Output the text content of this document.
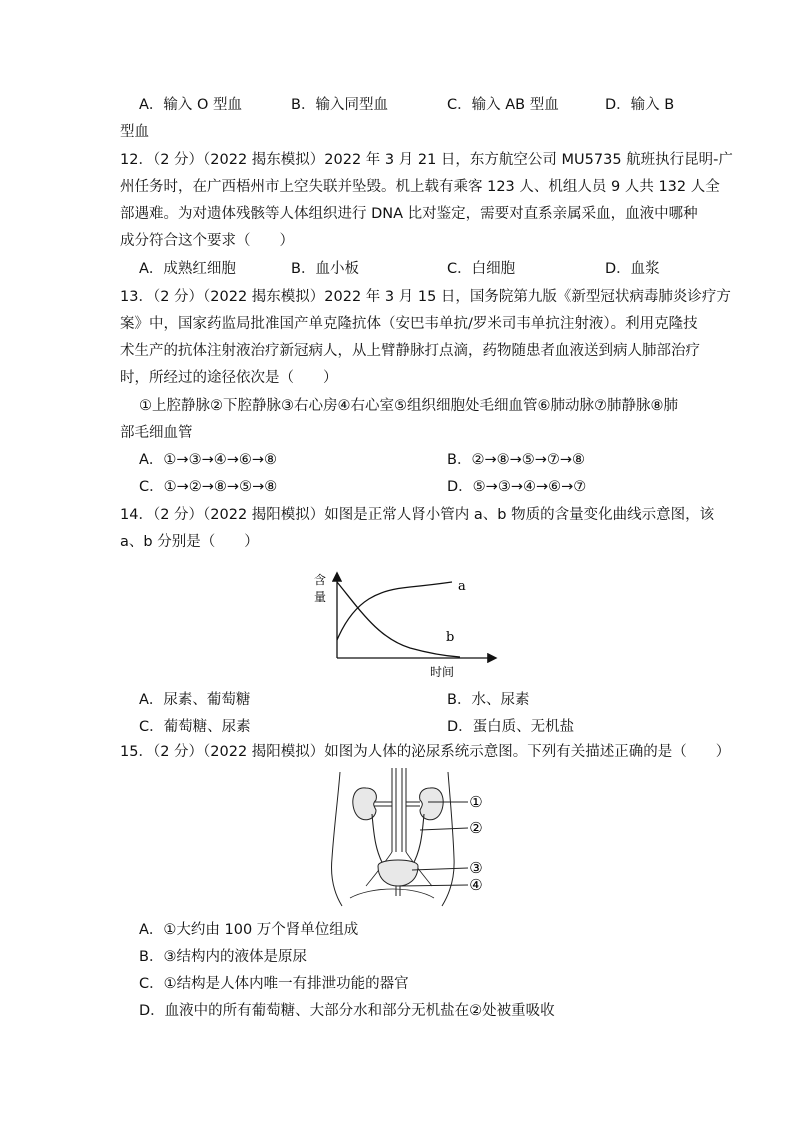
A．输入 O 型血	B．输入同型血	C．输入 AB 型血	D．输入 B
型血
12．（2 分）（2022 揭东模拟）2022 年 3 月 21 日，东方航空公司 MU5735 航班执行昆明-广
州任务时，在广西梧州市上空失联并坠毁。机上载有乘客 123 人、机组人员 9 人共 132 人全
部遇难。为对遗体残骸等人体组织进行 DNA 比对鉴定，需要对直系亲属采血，血液中哪种
成分符合这个要求（　　）
A．成熟红细胞	B．血小板	C．白细胞	D．血浆
13．（2 分）（2022 揭东模拟）2022 年 3 月 15 日，国务院第九版《新型冠状病毒肺炎诊疗方
案》中，国家药监局批准国产单克隆抗体（安巴韦单抗/罗米司韦单抗注射液）。利用克隆技
术生产的抗体注射液治疗新冠病人，从上臂静脉打点滴，药物随患者血液送到病人肺部治疗
时，所经过的途径依次是（　　）
①上腔静脉②下腔静脉③右心房④右心室⑤组织细胞处毛细血管⑥肺动脉⑦肺静脉⑧肺
部毛细血管
A．①→③→④→⑥→⑧	B．②→⑧→⑤→⑦→⑧
C．①→②→⑧→⑤→⑧	D．⑤→③→④→⑥→⑦
14．（2 分）（2022 揭阳模拟）如图是正常人肾小管内 a、b 物质的含量变化曲线示意图，该
a、b 分别是（　　）
含
量
时间
a
b
A．尿素、葡萄糖	B．水、尿素
C．葡萄糖、尿素	D．蛋白质、无机盐
15．（2 分）（2022 揭阳模拟）如图为人体的泌尿系统示意图。下列有关描述正确的是（　　）
①
②
③
④
A．①大约由 100 万个肾单位组成
B．③结构内的液体是原尿
C．①结构是人体内唯一有排泄功能的器官
D．血液中的所有葡萄糖、大部分水和部分无机盐在②处被重吸收
